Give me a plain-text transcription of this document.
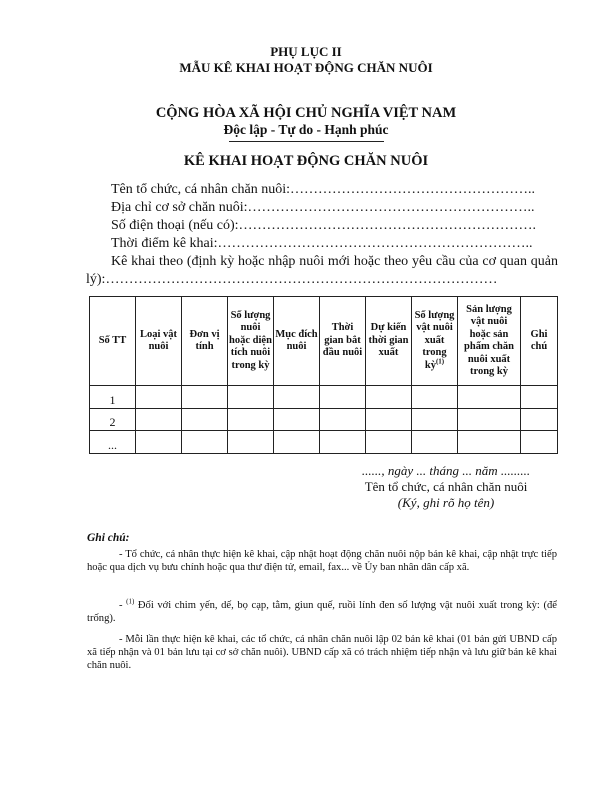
PHỤ LỤC II
MẪU KÊ KHAI HOẠT ĐỘNG CHĂN NUÔI
CỘNG HÒA XÃ HỘI CHỦ NGHĨA VIỆT NAM
Độc lập - Tự do - Hạnh phúc
KÊ KHAI HOẠT ĐỘNG CHĂN NUÔI
Tên tổ chức, cá nhân chăn nuôi:……………………………………………..
Địa chỉ cơ sở chăn nuôi:……………………………………………………..
Số điện thoại (nếu có):……………………………………………………….
Thời điểm kê khai:…………………………………………………………..
Kê khai theo (định kỳ hoặc nhập nuôi mới hoặc theo yêu cầu của cơ quan quản
lý):…………………………………………………………………………
Số TT	Loại vật nuôi	Đơn vị tính	Số lượng nuôi hoặc diện tích nuôi trong kỳ	Mục đích nuôi	Thời gian bắt đầu nuôi	Dự kiến thời gian xuất	Số lượng vật nuôi xuất trong kỳ$^{(1)}$	Sản lượng vật nuôi hoặc sản phẩm chăn nuôi xuất trong kỳ	Ghi chú
1									
2									
...									
......, ngày ... tháng ... năm .........
Tên tổ chức, cá nhân chăn nuôi
(Ký, ghi rõ họ tên)
Ghi chú:
- Tổ chức, cá nhân thực hiện kê khai, cập nhật hoạt động chăn nuôi nộp bản kê khai, cập nhật trực tiếp hoặc qua dịch vụ bưu chính hoặc qua thư điện tử, email, fax... về Ủy ban nhân dân cấp xã.
- $^{(1)}$ Đối với chim yến, dế, bọ cạp, tằm, giun quế, ruồi lính đen số lượng vật nuôi xuất trong kỳ: (để trống).
- Mỗi lần thực hiện kê khai, các tổ chức, cá nhân chăn nuôi lập 02 bản kê khai (01 bản gửi UBND cấp xã tiếp nhận và 01 bản lưu tại cơ sở chăn nuôi). UBND cấp xã có trách nhiệm tiếp nhận và lưu giữ bản kê khai chăn nuôi.
